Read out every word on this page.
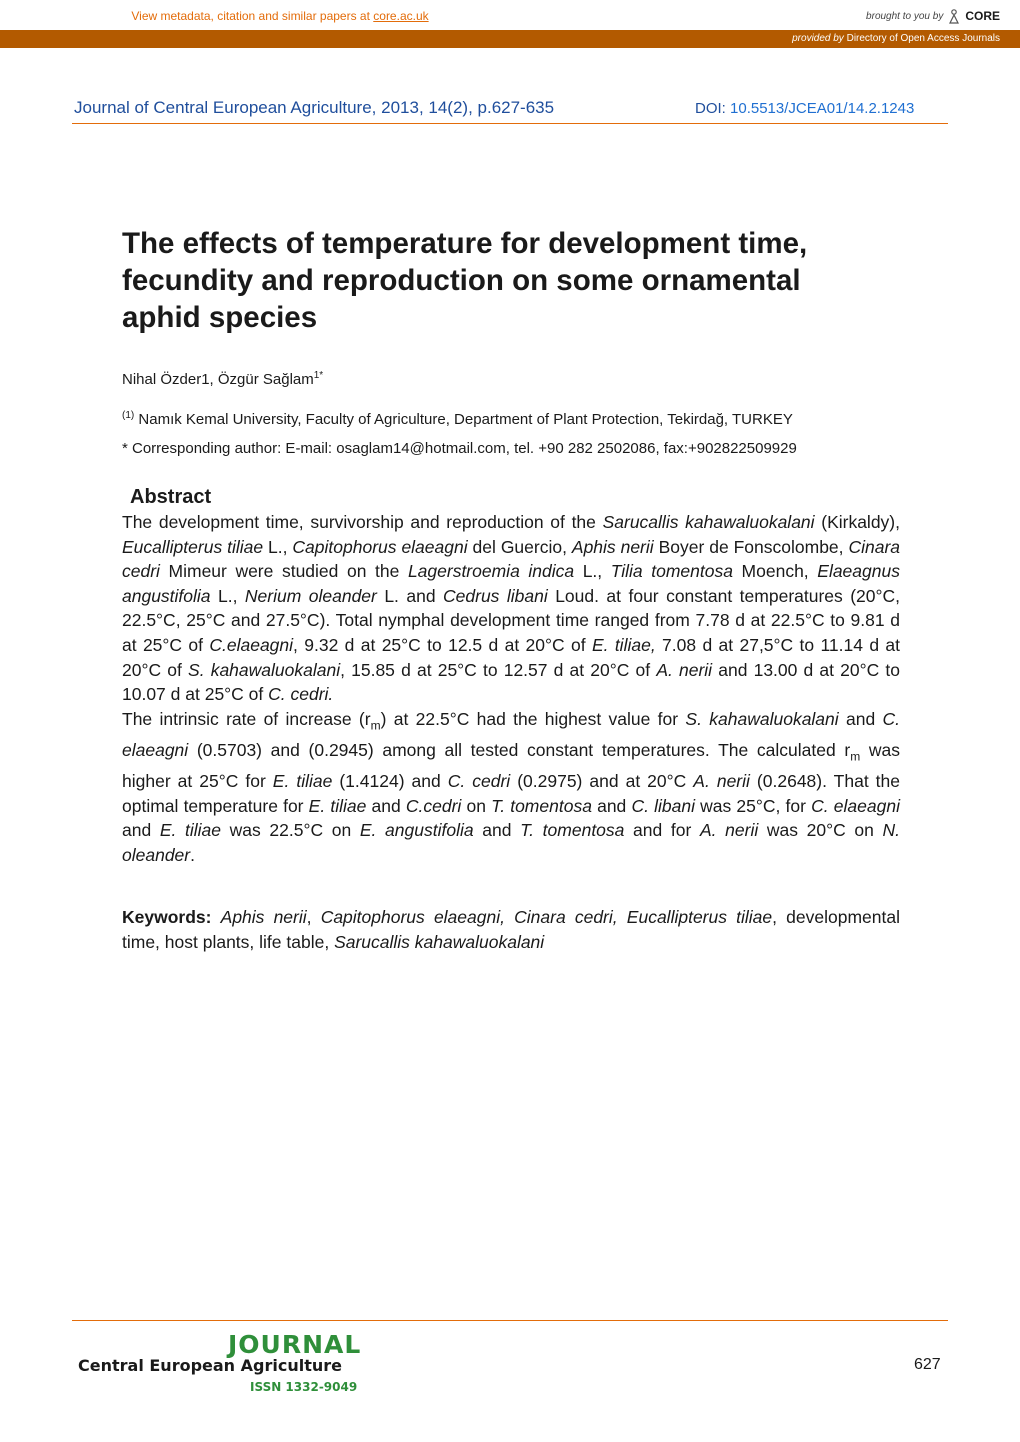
View metadata, citation and similar papers at core.ac.uk	brought to you by CORE
provided by Directory of Open Access Journals
Journal of Central European Agriculture, 2013, 14(2), p.627-635	DOI: 10.5513/JCEA01/14.2.1243
The effects of temperature for development time, fecundity and reproduction on some ornamental aphid species
Nihal Özder1, Özgür Sağlam$^{1*}$
$^{(1)}$ Namık Kemal University, Faculty of Agriculture, Department of Plant Protection, Tekirdağ, TURKEY
* Corresponding author: E-mail: osaglam14@hotmail.com, tel. +90 282 2502086, fax:+902822509929
Abstract

The development time, survivorship and reproduction of the Sarucallis kahawaluokalani (Kirkaldy), Eucallipterus tiliae L., Capitophorus elaeagni del Guercio, Aphis nerii Boyer de Fonscolombe, Cinara cedri Mimeur were studied on the Lagerstroemia indica L., Tilia tomentosa Moench, Elaeagnus angustifolia L., Nerium oleander L. and Cedrus libani Loud. at four constant temperatures (20°C, 22.5°C, 25°C and 27.5°C). Total nymphal development time ranged from 7.78 d at 22.5°C to 9.81 d at 25°C of C.elaeagni, 9.32 d at 25°C to 12.5 d at 20°C of E. tiliae, 7.08 d at 27,5°C to 11.14 d at 20°C of S. kahawaluokalani, 15.85 d at 25°C to 12.57 d at 20°C of A. nerii and 13.00 d at 20°C to 10.07 d at 25°C of C. cedri.

The intrinsic rate of increase $(r_m)$ at 22.5°C had the highest value for S. kahawaluokalani and C. elaeagni (0.5703) and (0.2945) among all tested constant temperatures. The calculated $r_m$ was higher at 25°C for E. tiliae (1.4124) and C. cedri (0.2975) and at 20°C A. nerii (0.2648). That the optimal temperature for E. tiliae and C.cedri on T. tomentosa and C. libani was 25°C, for C. elaeagni and E. tiliae was 22.5°C on E. angustifolia and T. tomentosa and for A. nerii was 20°C on N. oleander.

Keywords: Aphis nerii, Capitophorus elaeagni, Cinara cedri, Eucallipterus tiliae, developmental time, host plants, life table, Sarucallis kahawaluokalani
JOURNAL
Central European Agriculture
ISSN 1332-9049
627
